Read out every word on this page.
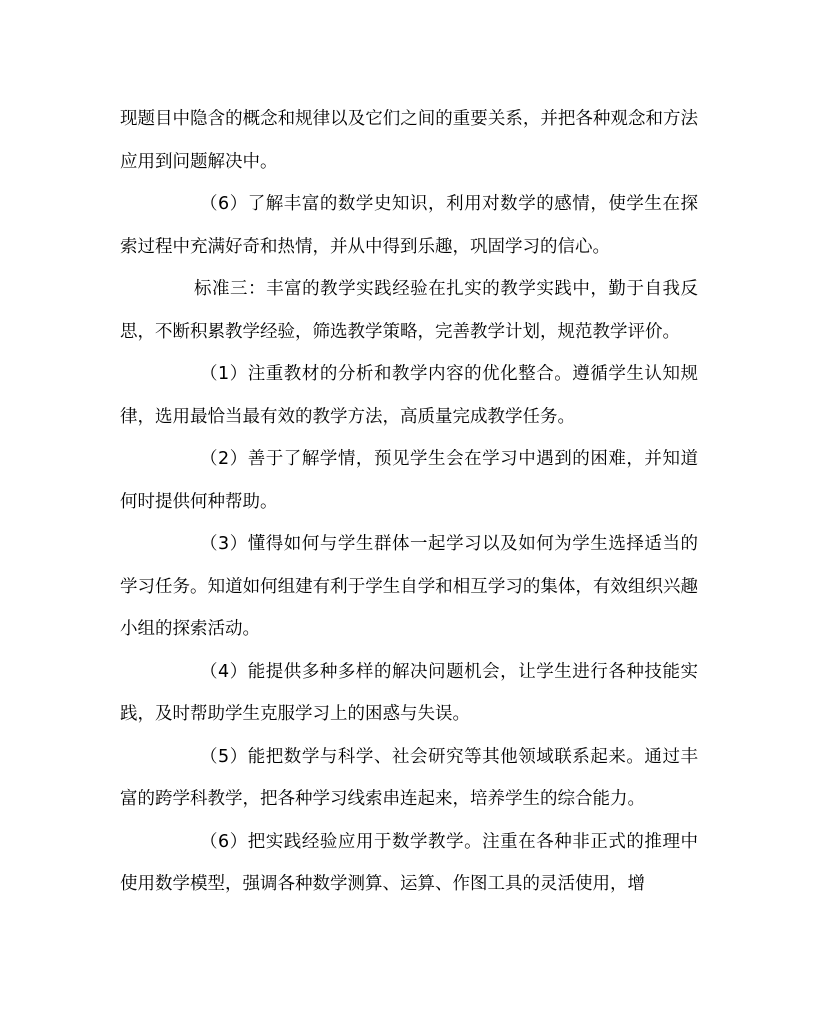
现题目中隐含的概念和规律以及它们之间的重要关系，并把各种观念和方法应用到问题解决中。

（6）了解丰富的数学史知识，利用对数学的感情，使学生在探索过程中充满好奇和热情，并从中得到乐趣，巩固学习的信心。

标准三：丰富的教学实践经验在扎实的教学实践中，勤于自我反思，不断积累教学经验，筛选教学策略，完善教学计划，规范教学评价。

（1）注重教材的分析和教学内容的优化整合。遵循学生认知规律，选用最恰当最有效的教学方法，高质量完成教学任务。

（2）善于了解学情，预见学生会在学习中遇到的困难，并知道何时提供何种帮助。

（3）懂得如何与学生群体一起学习以及如何为学生选择适当的学习任务。知道如何组建有利于学生自学和相互学习的集体，有效组织兴趣小组的探索活动。

（4）能提供多种多样的解决问题机会，让学生进行各种技能实践，及时帮助学生克服学习上的困惑与失误。

（5）能把数学与科学、社会研究等其他领域联系起来。通过丰富的跨学科教学，把各种学习线索串连起来，培养学生的综合能力。

（6）把实践经验应用于数学教学。注重在各种非正式的推理中使用数学模型，强调各种数学测算、运算、作图工具的灵活使用，增
